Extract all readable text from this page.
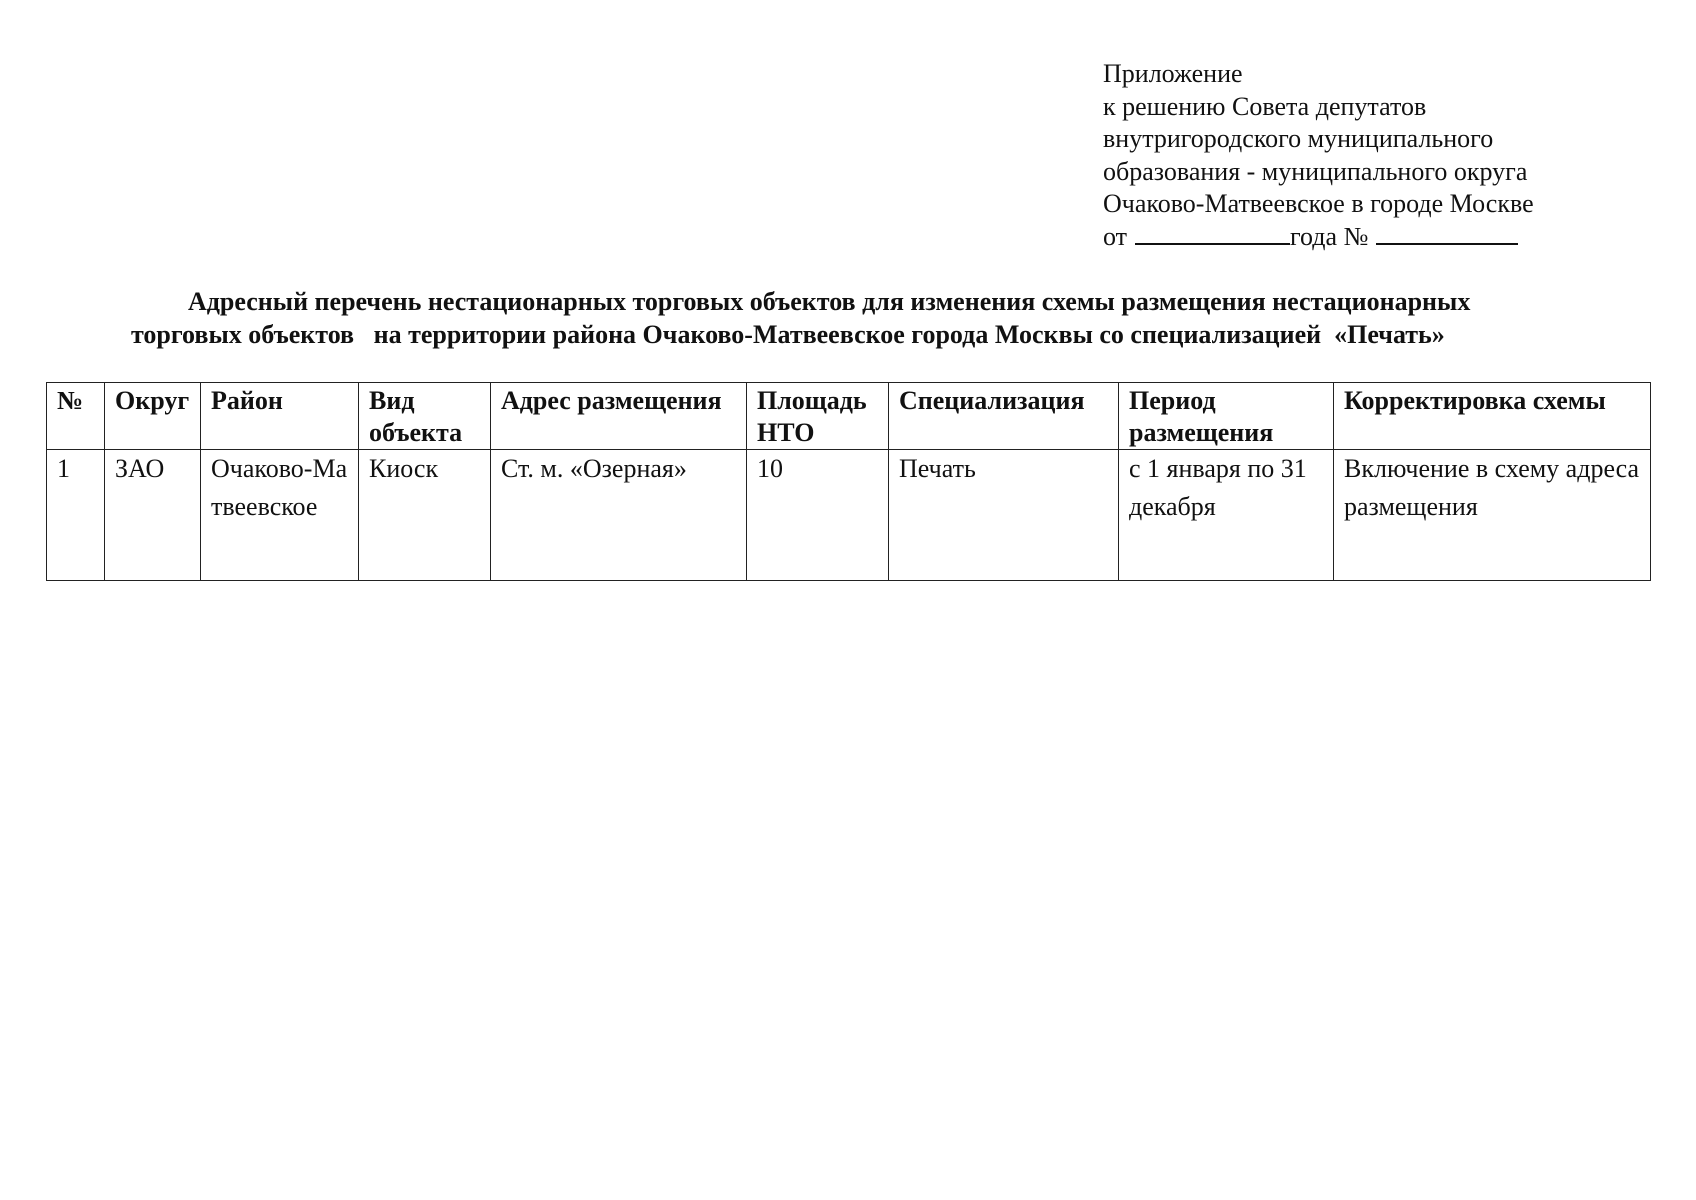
Приложение
к решению Совета депутатов
внутригородского муниципального
образования - муниципального округа
Очаково-Матвеевское в городе Москве
от	года №
Адресный перечень нестационарных торговых объектов для изменения схемы размещения нестационарных
торговых объектов   на территории района Очаково-Матвеевское города Москвы со специализацией  «Печать»
№	Округ	Район	Вид объекта	Адрес размещения	Площадь НТО	Специализация	Период размещения	Корректировка схемы
1	ЗАО	Очаково-Матвеевское	Киоск	Ст. м. «Озерная»	10	Печать	с 1 января по 31 декабря	Включение в схему адреса размещения
